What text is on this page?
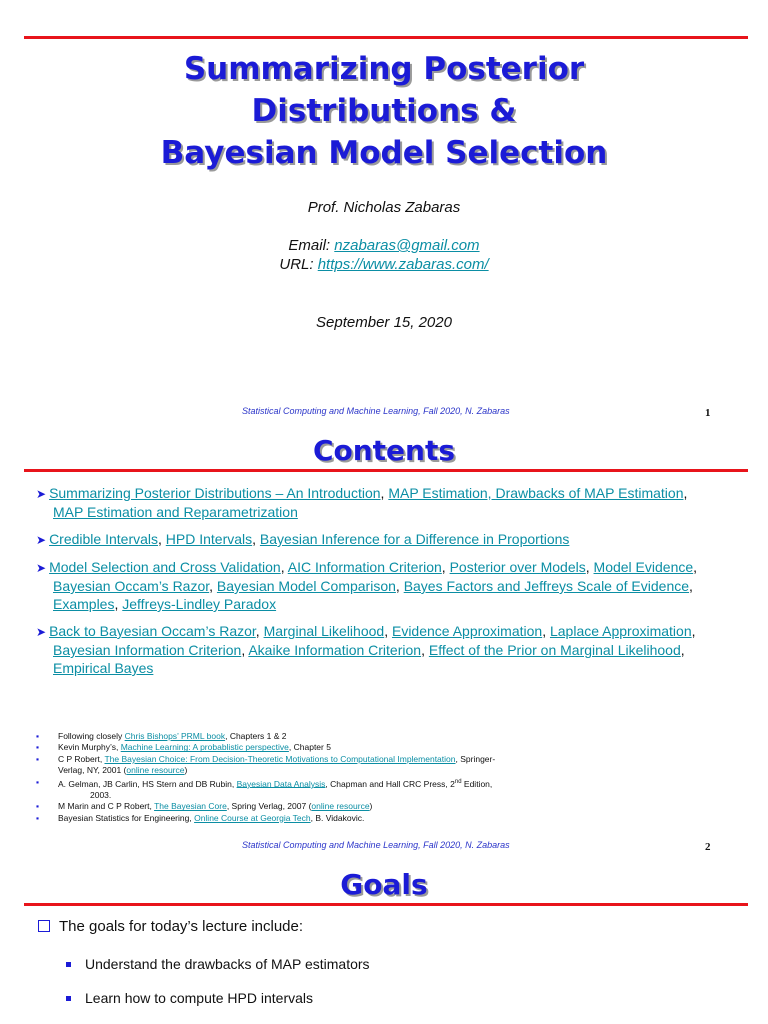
Summarizing Posterior
Distributions &
Bayesian Model Selection
Prof. Nicholas Zabaras
Email: nzabaras@gmail.com
URL: https://www.zabaras.com/
September 15, 2020
Statistical Computing and Machine Learning, Fall 2020, N. Zabaras	1
Contents
➤ Summarizing Posterior Distributions – An Introduction, MAP Estimation, Drawbacks of MAP Estimation,
MAP Estimation and Reparametrization
➤ Credible Intervals, HPD Intervals, Bayesian Inference for a Difference in Proportions
➤ Model Selection and Cross Validation, AIC Information Criterion, Posterior over Models, Model Evidence,
Bayesian Occam’s Razor, Bayesian Model Comparison, Bayes Factors and Jeffreys Scale of Evidence,
Examples, Jeffreys-Lindley Paradox
➤ Back to Bayesian Occam’s Razor, Marginal Likelihood, Evidence Approximation, Laplace Approximation,
Bayesian Information Criterion, Akaike Information Criterion, Effect of the Prior on Marginal Likelihood,
Empirical Bayes
▪ Following closely Chris Bishops’ PRML book, Chapters 1 & 2
▪ Kevin Murphy’s, Machine Learning: A probablistic perspective, Chapter 5
▪ C P Robert, The Bayesian Choice: From Decision-Theoretic Motivations to Computational Implementation, Springer-
Verlag, NY, 2001 (online resource)
▪ A. Gelman, JB Carlin, HS Stern and DB Rubin, Bayesian Data Analysis, Chapman and Hall CRC Press, 2nd Edition,
2003.
▪ M Marin and C P Robert, The Bayesian Core, Spring Verlag, 2007 (online resource)
▪ Bayesian Statistics for Engineering, Online Course at Georgia Tech, B. Vidakovic.
Statistical Computing and Machine Learning, Fall 2020, N. Zabaras	2
Goals
The goals for today’s lecture include:
Understand the drawbacks of MAP estimators
Learn how to compute HPD intervals
